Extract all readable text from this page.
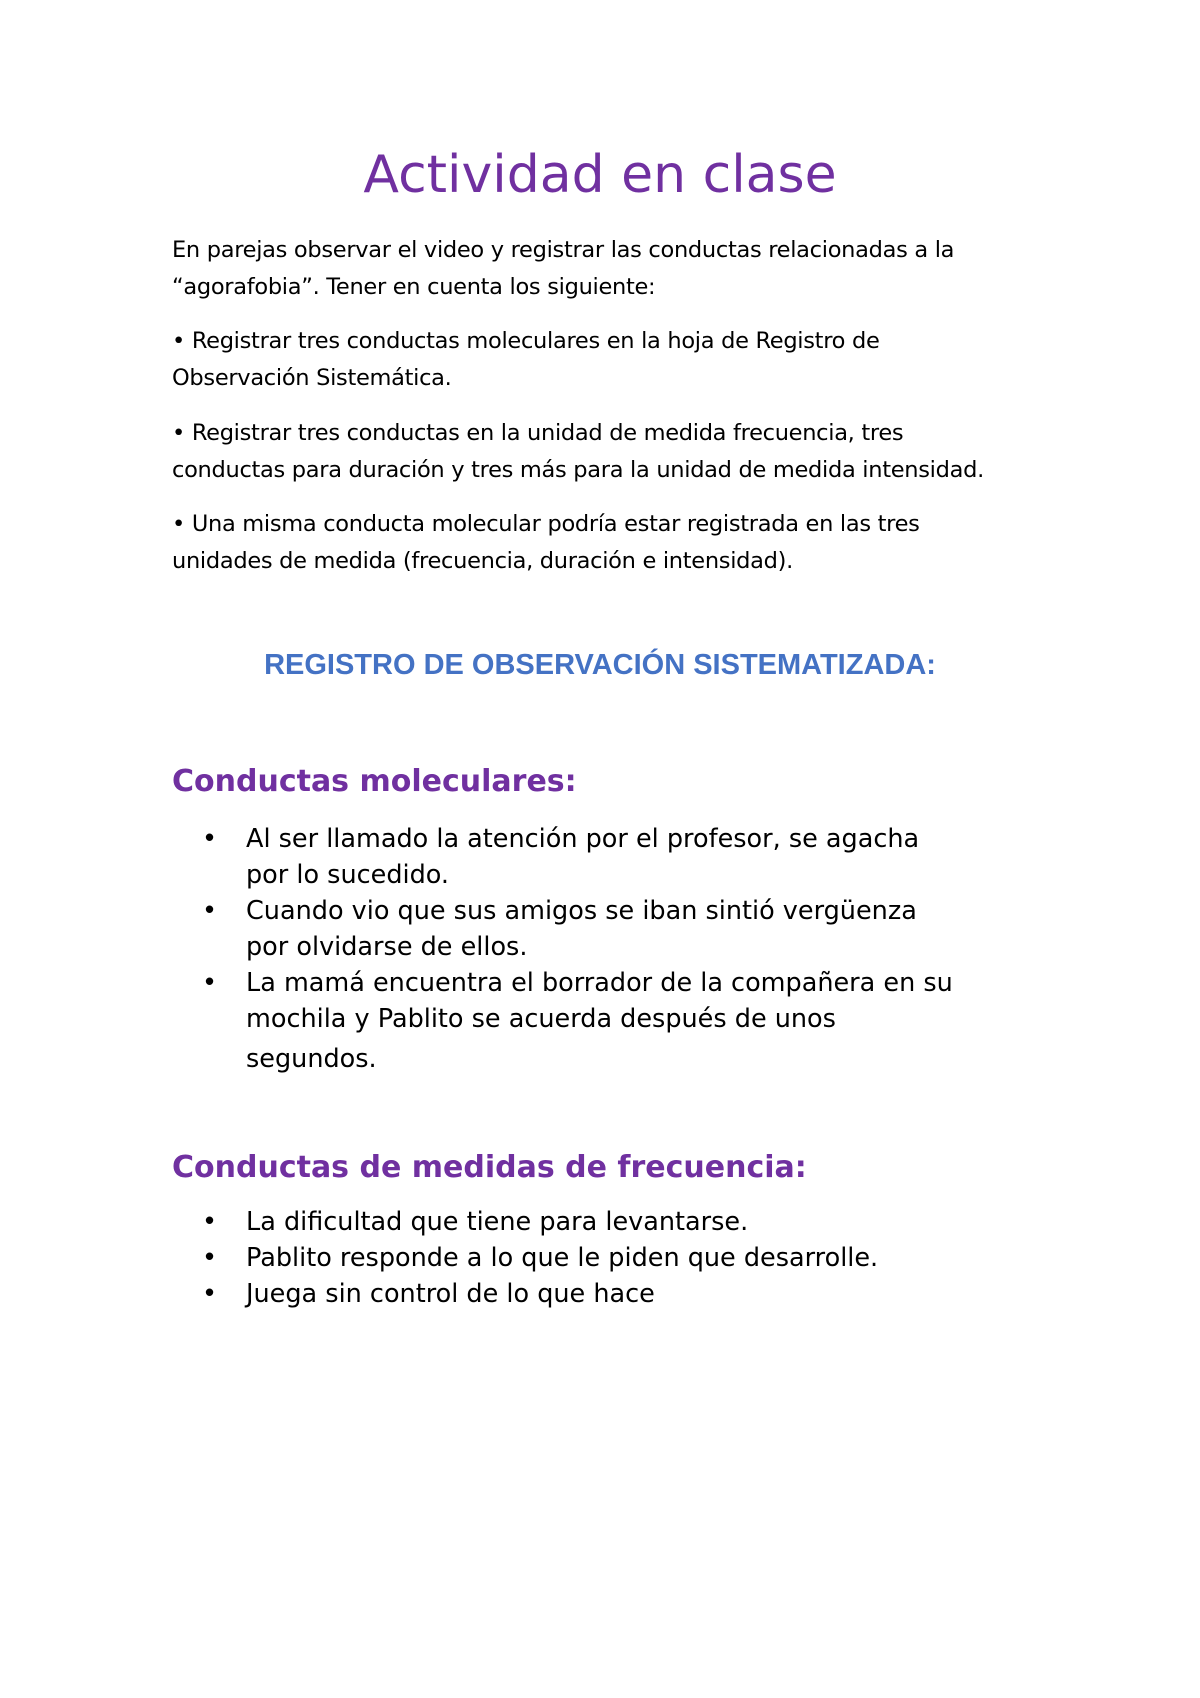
Actividad en clase

En parejas observar el video y registrar las conductas relacionadas a la
“agorafobia”. Tener en cuenta los siguiente:

• Registrar tres conductas moleculares en la hoja de Registro de
Observación Sistemática.

• Registrar tres conductas en la unidad de medida frecuencia, tres
conductas para duración y tres más para la unidad de medida intensidad.

• Una misma conducta molecular podría estar registrada en las tres
unidades de medida (frecuencia, duración e intensidad).

REGISTRO DE OBSERVACIÓN SISTEMATIZADA:
Conductas moleculares:
• Al ser llamado la atención por el profesor, se agacha
por lo sucedido.
• Cuando vio que sus amigos se iban sintió vergüenza
por olvidarse de ellos.
• La mamá encuentra el borrador de la compañera en su
mochila y Pablito se acuerda después de unos
segundos.
Conductas de medidas de frecuencia:
• La dificultad que tiene para levantarse.
• Pablito responde a lo que le piden que desarrolle.
• Juega sin control de lo que hace
